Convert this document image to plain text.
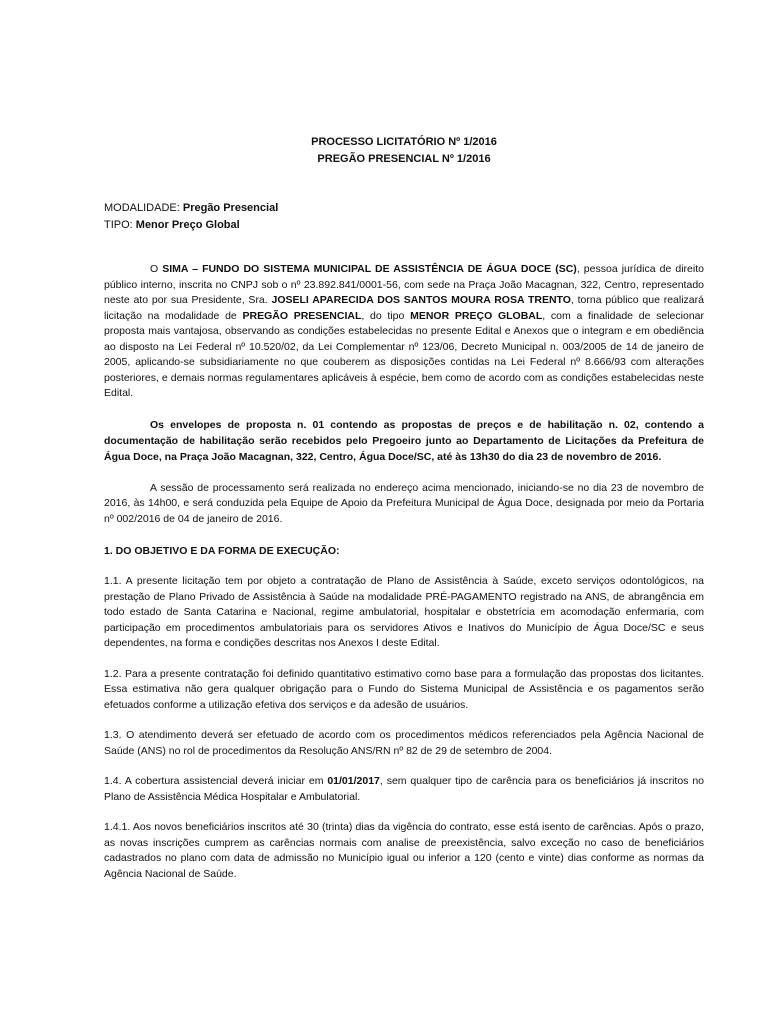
PROCESSO LICITATÓRIO Nº 1/2016
PREGÃO PRESENCIAL Nº 1/2016
MODALIDADE: Pregão Presencial
TIPO: Menor Preço Global

O SIMA – FUNDO DO SISTEMA MUNICIPAL DE ASSISTÊNCIA DE ÁGUA DOCE (SC), pessoa jurídica de direito público interno, inscrita no CNPJ sob o nº 23.892.841/0001-56, com sede na Praça João Macagnan, 322, Centro, representado neste ato por sua Presidente, Sra. JOSELI APARECIDA DOS SANTOS MOURA ROSA TRENTO, torna público que realizará licitação na modalidade de PREGÃO PRESENCIAL, do tipo MENOR PREÇO GLOBAL, com a finalidade de selecionar proposta mais vantajosa, observando as condições estabelecidas no presente Edital e Anexos que o integram e em obediência ao disposto na Lei Federal nº 10.520/02, da Lei Complementar nº 123/06, Decreto Municipal n. 003/2005 de 14 de janeiro de 2005, aplicando-se subsidiariamente no que couberem as disposições contidas na Lei Federal nº 8.666/93 com alterações posteriores, e demais normas regulamentares aplicáveis à espécie, bem como de acordo com as condições estabelecidas neste Edital.

Os envelopes de proposta n. 01 contendo as propostas de preços e de habilitação n. 02, contendo a documentação de habilitação serão recebidos pelo Pregoeiro junto ao Departamento de Licitações da Prefeitura de Água Doce, na Praça João Macagnan, 322, Centro, Água Doce/SC, até às 13h30 do dia 23 de novembro de 2016.

A sessão de processamento será realizada no endereço acima mencionado, iniciando-se no dia 23 de novembro de 2016, às 14h00, e será conduzida pela Equipe de Apoio da Prefeitura Municipal de Água Doce, designada por meio da Portaria nº 002/2016 de 04 de janeiro de 2016.

1. DO OBJETIVO E DA FORMA DE EXECUÇÃO:

1.1. A presente licitação tem por objeto a contratação de Plano de Assistência à Saúde, exceto serviços odontológicos, na prestação de Plano Privado de Assistência à Saúde na modalidade PRÉ-PAGAMENTO registrado na ANS, de abrangência em todo estado de Santa Catarina e Nacional, regime ambulatorial, hospitalar e obstetrícia em acomodação enfermaria, com participação em procedimentos ambulatoriais para os servidores Ativos e Inativos do Município de Água Doce/SC e seus dependentes, na forma e condições descritas nos Anexos I deste Edital.

1.2. Para a presente contratação foi definido quantitativo estimativo como base para a formulação das propostas dos licitantes. Essa estimativa não gera qualquer obrigação para o Fundo do Sistema Municipal de Assistência e os pagamentos serão efetuados conforme a utilização efetiva dos serviços e da adesão de usuários.

1.3. O atendimento deverá ser efetuado de acordo com os procedimentos médicos referenciados pela Agência Nacional de Saúde (ANS) no rol de procedimentos da Resolução ANS/RN nº 82 de 29 de setembro de 2004.

1.4. A cobertura assistencial deverá iniciar em 01/01/2017, sem qualquer tipo de carência para os beneficiários já inscritos no Plano de Assistência Médica Hospitalar e Ambulatorial.

1.4.1. Aos novos beneficiários inscritos até 30 (trinta) dias da vigência do contrato, esse está isento de carências. Após o prazo, as novas inscrições cumprem as carências normais com analise de preexistência, salvo exceção no caso de beneficiários cadastrados no plano com data de admissão no Município igual ou inferior a 120 (cento e vinte) dias conforme as normas da Agência Nacional de Saúde.
